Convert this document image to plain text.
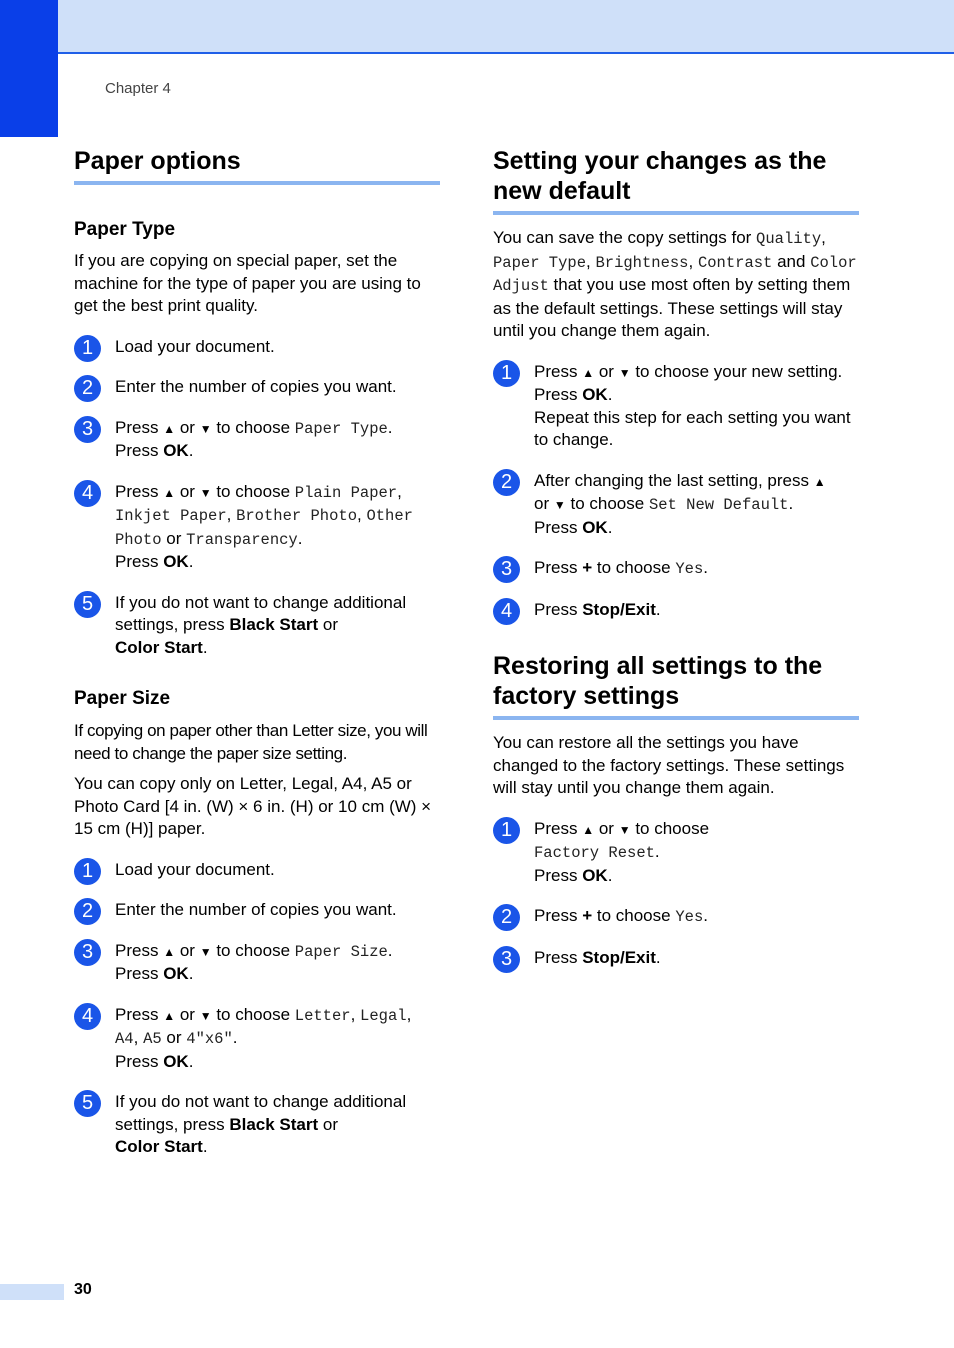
Chapter 4
Paper options
Paper Type

If you are copying on special paper, set the machine for the type of paper you are using to get the best print quality.

1	Load your document.
2	Enter the number of copies you want.
3	Press ▲ or ▼ to choose Paper Type.
Press OK.
4	Press ▲ or ▼ to choose Plain Paper, Inkjet Paper, Brother Photo, Other Photo or Transparency.
Press OK.
5	If you do not want to change additional settings, press Black Start or
Color Start.
Paper Size

If copying on paper other than Letter size, you will need to change the paper size setting.

You can copy only on Letter, Legal, A4, A5 or Photo Card [4 in. (W) × 6 in. (H) or 10 cm (W) × 15 cm (H)] paper.

1	Load your document.
2	Enter the number of copies you want.
3	Press ▲ or ▼ to choose Paper Size.
Press OK.
4	Press ▲ or ▼ to choose Letter, Legal,
A4, A5 or 4"x6".
Press OK.
5	If you do not want to change additional settings, press Black Start or
Color Start.
Setting your changes as the
new default

You can save the copy settings for Quality, Paper Type, Brightness, Contrast and Color Adjust that you use most often by setting them as the default settings. These settings will stay until you change them again.

1	Press ▲ or ▼ to choose your new setting.
Press OK.
Repeat this step for each setting you want to change.
2	After changing the last setting, press ▲
or ▼ to choose Set New Default.
Press OK.
3	Press + to choose Yes.
4	Press Stop/Exit.
Restoring all settings to the
factory settings

You can restore all the settings you have changed to the factory settings. These settings will stay until you change them again.

1	Press ▲ or ▼ to choose
Factory Reset.
Press OK.
2	Press + to choose Yes.
3	Press Stop/Exit.
30
